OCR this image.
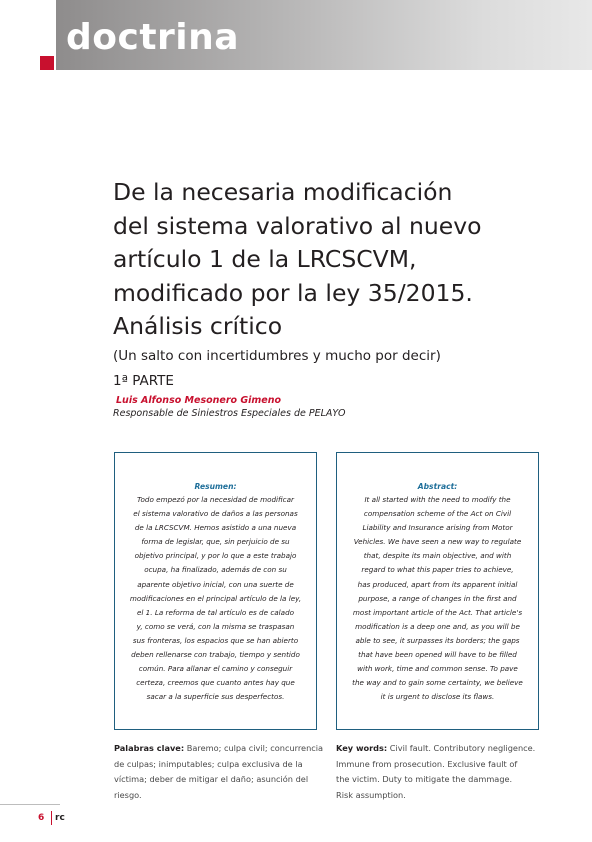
doctrina
De la necesaria modificación
del sistema valorativo al nuevo
artículo 1 de la LRCSCVM,
modificado por la ley 35/2015.
Análisis crítico
(Un salto con incertidumbres y mucho por decir)
1ª PARTE
Luis Alfonso Mesonero Gimeno
Responsable de Siniestros Especiales de PELAYO
Resumen:
Todo empezó por la necesidad de modificar
el sistema valorativo de daños a las personas
de la LRCSCVM. Hemos asistido a una nueva
forma de legislar, que, sin perjuicio de su
objetivo principal, y por lo que a este trabajo
ocupa, ha finalizado, además de con su
aparente objetivo inicial, con una suerte de
modificaciones en el principal artículo de la ley,
el 1. La reforma de tal artículo es de calado
y, como se verá, con la misma se traspasan
sus fronteras, los espacios que se han abierto
deben rellenarse con trabajo, tiempo y sentido
común. Para allanar el camino y conseguir
certeza, creemos que cuanto antes hay que
sacar a la superficie sus desperfectos.
Abstract:
It all started with the need to modify the
compensation scheme of the Act on Civil
Liability and Insurance arising from Motor
Vehicles. We have seen a new way to regulate
that, despite its main objective, and with
regard to what this paper tries to achieve,
has produced, apart from its apparent initial
purpose, a range of changes in the first and
most important article of the Act. That article's
modification is a deep one and, as you will be
able to see, it surpasses its borders; the gaps
that have been opened will have to be filled
with work, time and common sense. To pave
the way and to gain some certainty, we believe
it is urgent to disclose its flaws.
Palabras clave: Baremo; culpa civil; concurrencia
de culpas; inimputables; culpa exclusiva de la
víctima; deber de mitigar el daño; asunción del
riesgo.
Key words: Civil fault. Contributory negligence.
Immune from prosecution. Exclusive fault of
the victim. Duty to mitigate the dammage.
Risk assumption.
6 rc
